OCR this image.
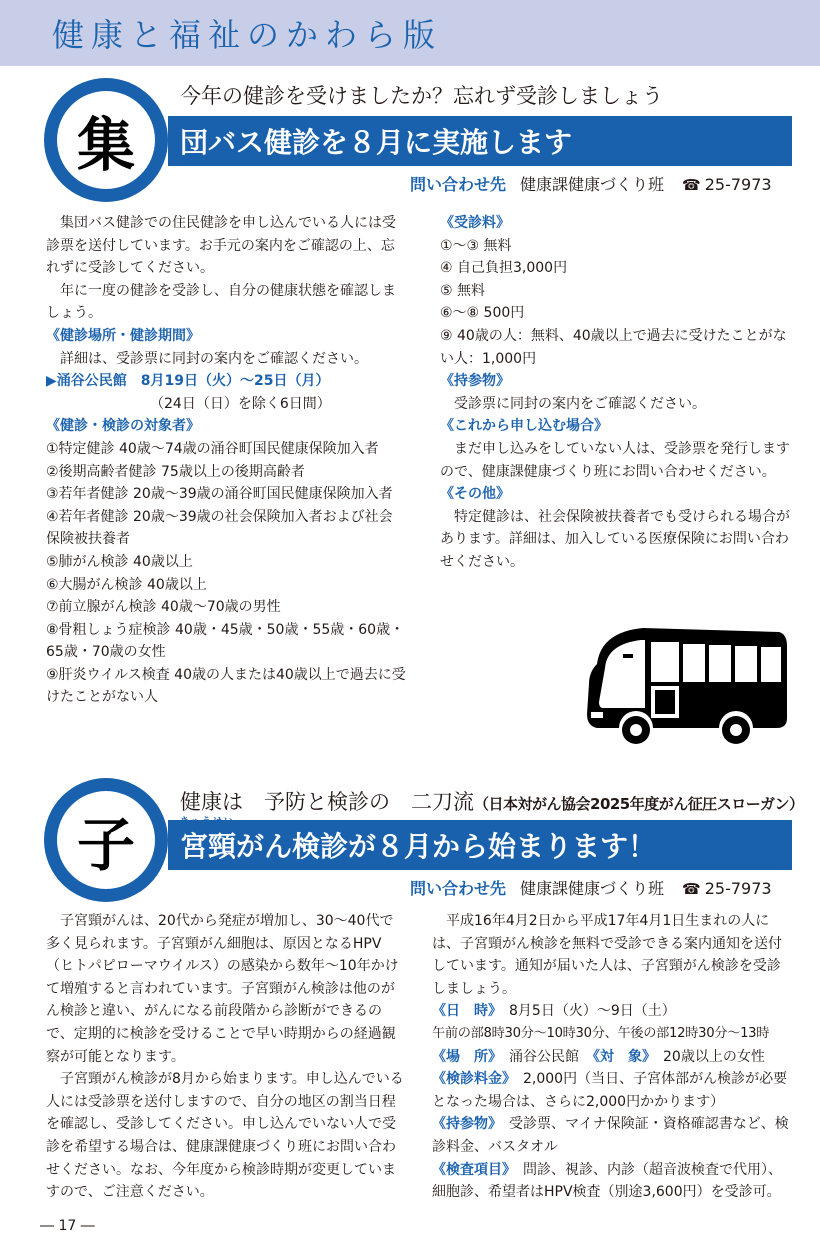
健康と福祉のかわら版
集
今年の健診を受けましたか？忘れず受診しましょう
団バス健診を８月に実施します
問い合わせ先 健康課健康づくり班 ☎ 25-7973

集団バス健診での住民健診を申し込んでいる人には受診票を送付しています。お手元の案内をご確認の上、忘れずに受診してください。

年に一度の健診を受診し、自分の健康状態を確認しましょう。

《健診場所・健診期間》

詳細は、受診票に同封の案内をご確認ください。

▶涌谷公民館　8月19日（火）～25日（月）

（24日（日）を除く6日間）

《健診・検診の対象者》

①特定健診 40歳～74歳の涌谷町国民健康保険加入者

②後期高齢者健診 75歳以上の後期高齢者

③若年者健診 20歳～39歳の涌谷町国民健康保険加入者

④若年者健診 20歳～39歳の社会保険加入者および社会保険被扶養者

⑤肺がん検診 40歳以上

⑥大腸がん検診 40歳以上

⑦前立腺がん検診 40歳～70歳の男性

⑧骨粗しょう症検診 40歳・45歳・50歳・55歳・60歳・65歳・70歳の女性

⑨肝炎ウイルス検査 40歳の人または40歳以上で過去に受けたことがない人

《受診料》

①～③ 無料

④ 自己負担3,000円

⑤ 無料

⑥～⑧ 500円

⑨ 40歳の人：無料、40歳以上で過去に受けたことがない人：1,000円

《持参物》

受診票に同封の案内をご確認ください。

《これから申し込む場合》

まだ申し込みをしていない人は、受診票を発行しますので、健康課健康づくり班にお問い合わせください。

《その他》

特定健診は、社会保険被扶養者でも受けられる場合があります。詳細は、加入している医療保険にお問い合わせください。

子
健康は　予防と検診の　二刀流（日本対がん協会2025年度がん征圧スローガン）
きゅうけい
宮 頸がん検診が８月から始まります！
問い合わせ先 健康課健康づくり班 ☎ 25-7973

子宮頸がんは、20代から発症が増加し、30～40代で多く見られます。子宮頸がん細胞は、原因となるHPV（ヒトパピローマウイルス）の感染から数年～10年かけて増殖すると言われています。子宮頸がん検診は他のがん検診と違い、がんになる前段階から診断ができるので、定期的に検診を受けることで早い時期からの経過観察が可能となります。

子宮頸がん検診が8月から始まります。申し込んでいる人には受診票を送付しますので、自分の地区の割当日程を確認し、受診してください。申し込んでいない人で受診を希望する場合は、健康課健康づくり班にお問い合わせください。なお、今年度から検診時期が変更していますので、ご注意ください。

平成16年4月2日から平成17年4月1日生まれの人には、子宮頸がん検診を無料で受診できる案内通知を送付しています。通知が届いた人は、子宮頸がん検診を受診しましょう。

《日　時》　 8月5日（火）～9日（土）

午前の部8時30分～10時30分、午後の部12時30分～13時

《場　所》　 涌谷公民館　 《対　象》　 20歳以上の女性

《検診料金》　 2,000円（当日、子宮体部がん検診が必要となった場合は、さらに2,000円かかります）

《持参物》　 受診票、マイナ保険証・資格確認書など、検診料金、バスタオル

《検査項目》　 問診、視診、内診（超音波検査で代用）、細胞診、希望者はHPV検査（別途3,600円）を受診可。

― 17 ―
